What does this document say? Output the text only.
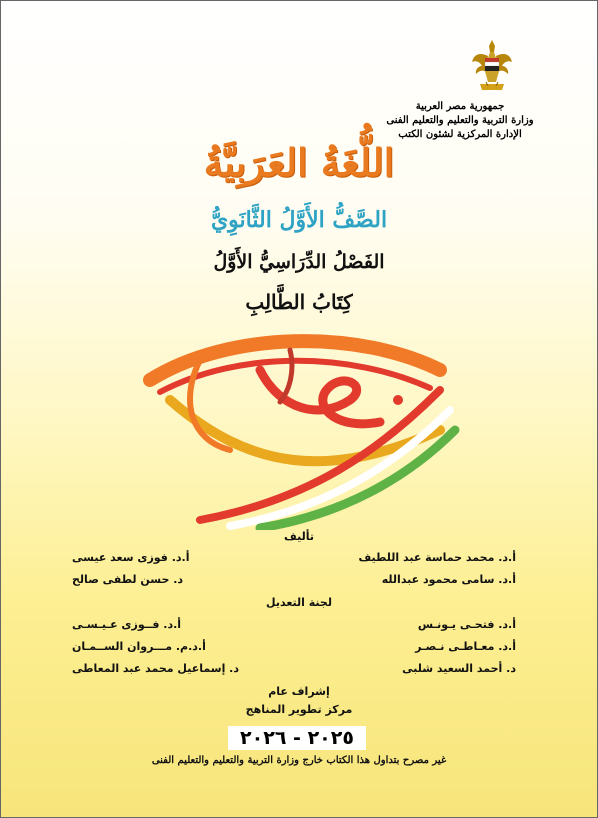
جمهورية مصر العربية
وزارة التربية والتعليم والتعليم الفنى
الإدارة المركزية لشئون الكتب
اللُّغَةُ العَرَبِيَّةُ
الصَّفُّ الأَوَّلُ الثَّانَوِيُّ
الفَصْلُ الدِّرَاسِيُّ الأَوَّلُ
كِتَابُ الطَّالِبِ
تأليف
أ.د. محمد حماسة عبد اللطيف
أ.د. فوزى سعد عيسى
أ.د. سامى محمود عبدالله
د. حسن لطفى صالح
لجنة التعديل
أ.د. فتحـى يـونـس
أ.د. فــوزى عـيـسـى
أ.د. معـاطـى نـصـر
أ.د.م. مـــروان الســمـان
د. أحمد السعيد شلبى
د. إسماعيل محمد عبد المعاطى
إشراف عام
مركز تطوير المناهج
٢٠٢٥ - ٢٠٢٦
غير مصرح بتداول هذا الكتاب خارج وزارة التربية والتعليم والتعليم الفنى
